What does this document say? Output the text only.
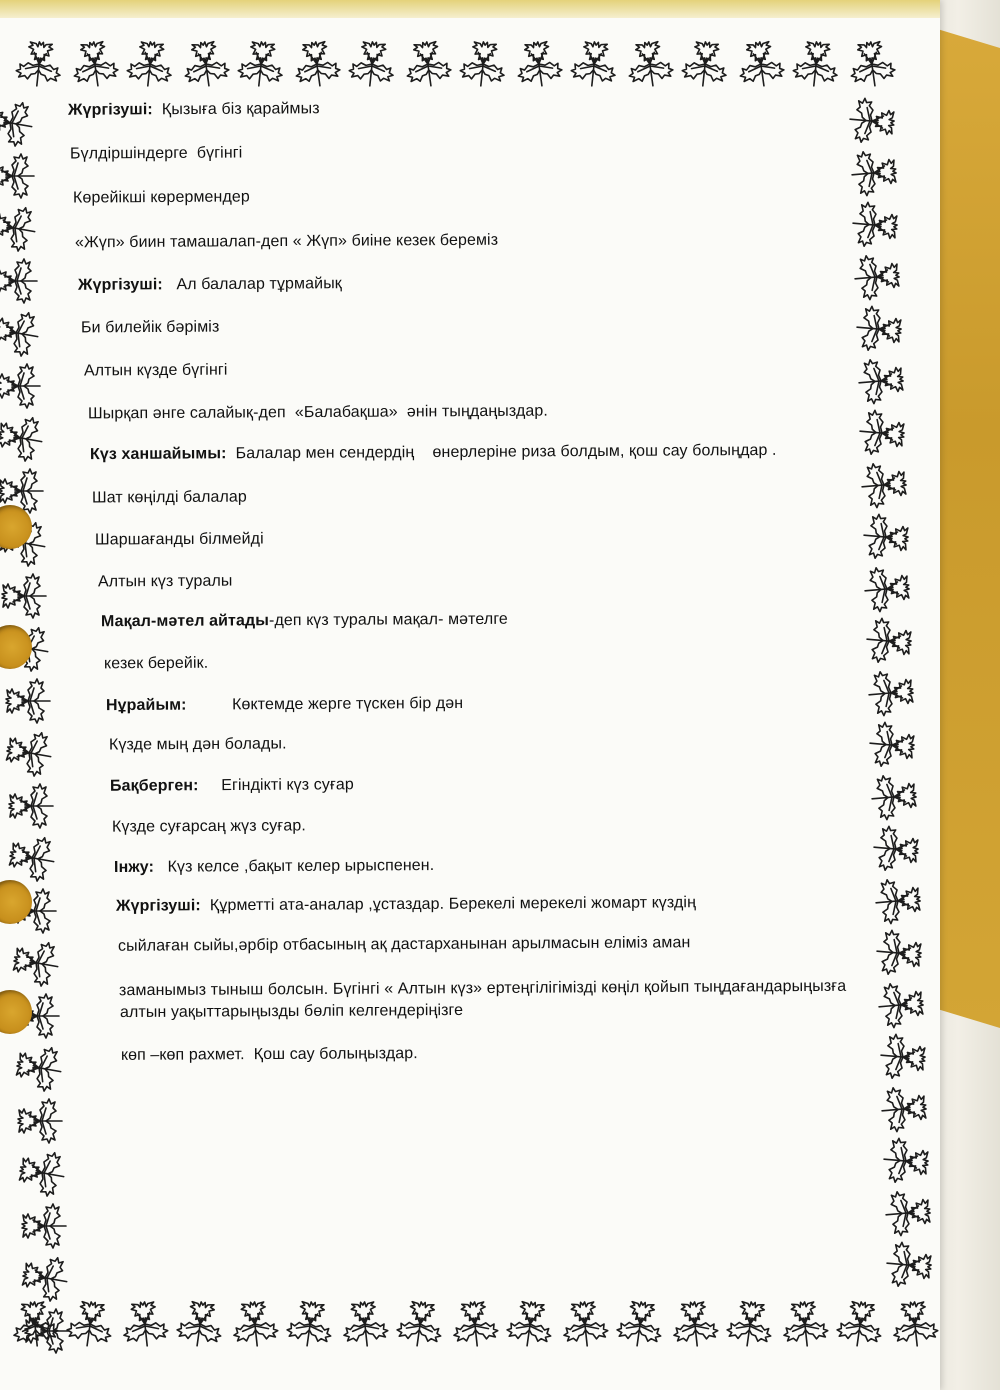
Жүргізуші:  Қызыға біз қараймыз
Бүлдіршіндерге  бүгінгі
Көрейікші көрермендер
«Жүп» биин тамашалап-деп « Жүп» биіне кезек береміз
Жүргізуші:   Ал балалар тұрмайық
Би билейік бәріміз
Алтын күзде бүгінгі
Шырқап әнге салайық-деп  «Балабақша»  әнін тыңдаңыздар.
Күз ханшайымы:  Балалар мен сендердің    өнерлеріне риза болдым, қош сау болыңдар .
Шат көңілді балалар
Шаршағанды білмейді
Алтын күз туралы
Мақал-мәтел айтады-деп күз туралы мақал- мәтелге
кезек берейік.
Нұрайым:          Көктемде жерге түскен бір дән
Күзде мың дән болады.
Бақберген:     Егіндікті күз суғар
Күзде суғарсаң жүз суғар.
Інжу:   Күз келсе ,бақыт келер ырыспенен.
Жүргізуші:  Құрметті ата-аналар ,ұстаздар. Берекелі мерекелі жомарт күздің
сыйлаған сыйы,әрбір отбасының ақ дастарханынан арылмасын еліміз аман
заманымыз тыныш болсын. Бүгінгі « Алтын күз» ертеңгілігімізді көңіл қойып тыңдағандарыңызға
алтын уақыттарыңызды бөліп келгендеріңізге
көп –көп рахмет.  Қош сау болыңыздар.
